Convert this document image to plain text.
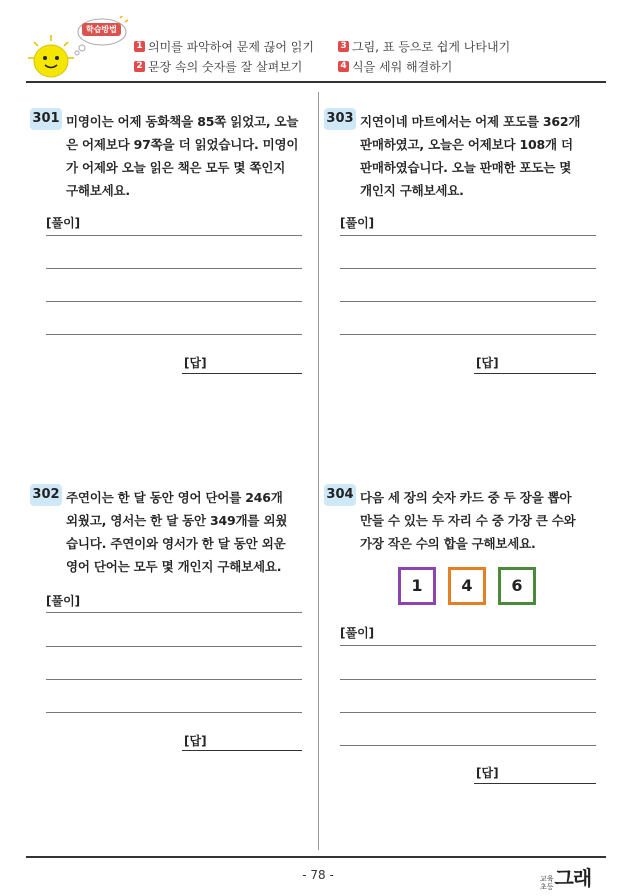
학습방법
1 의미를 파악하여 문제 끊어 읽기
2 문장 속의 숫자를 잘 살펴보기
3 그림, 표 등으로 쉽게 나타내기
4 식을 세워 해결하기
301 미영이는 어제 동화책을 85쪽 읽었고, 오늘
은 어제보다 97쪽을 더 읽었습니다. 미영이
가 어제와 오늘 읽은 책은 모두 몇 쪽인지
구해보세요.
[풀이]
[답]
302 주연이는 한 달 동안 영어 단어를 246개
외웠고, 영서는 한 달 동안 349개를 외웠
습니다. 주연이와 영서가 한 달 동안 외운
영어 단어는 모두 몇 개인지 구해보세요.
[풀이]
[답]
303 지연이네 마트에서는 어제 포도를 362개
판매하였고, 오늘은 어제보다 108개 더
판매하였습니다. 오늘 판매한 포도는 몇
개인지 구해보세요.
[풀이]
[답]
304 다음 세 장의 숫자 카드 중 두 장을 뽑아
만들 수 있는 두 자리 수 중 가장 큰 수와
가장 작은 수의 합을 구해보세요.
1	4	6
[풀이]
[답]
- 78 -	교육
초등 그래
